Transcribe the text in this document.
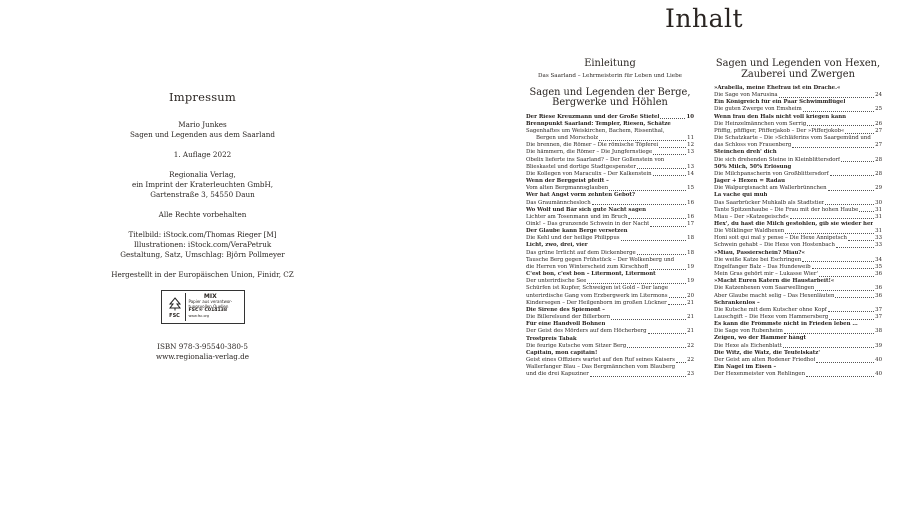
Impressum

Mario Junkes
Sagen und Legenden aus dem Saarland

1. Auflage 2022

Regionalia Verlag,
ein Imprint der Kraterleuchten GmbH,
Gartenstraße 3, 54550 Daun

Alle Rechte vorbehalten

Titelbild: iStock.com/Thomas Rieger [M]
Illustrationen: iStock.com/VeraPetruk
Gestaltung, Satz, Umschlag: Björn Pollmeyer

Hergestellt in der Europäischen Union, Finidr, CZ

FSC
MIX
Papier aus verantwor-
tungsvollen Quellen
FSC® C014138
www.fsc.org

ISBN 978-3-95540-380-5
www.regionalia-verlag.de

Inhalt
Einleitung
Das Saarland – Lehrmeisterin für Leben und Liebe
Sagen und Legenden der Berge,
Bergwerke und Höhlen
Der Riese Kreuzmann und der Große Stiefel	10
Brennpunkt Saarland: Templer, Riesen, Schätze
Sagenhaftes um Weiskirchen, Bachem, Rissenthal,
Bergen und Morscholz	11
Die brennen, die Römer – Die römische Töpferei	12
Die hämmern, die Römer – Die Jungfernstiege	13
Obelix lieferte ins Saarland? – Der Gollenstein von
Blieskastel und dortige Stadtgespenster	13
Die Kollegen von Maraculix – Der Kalkenstein	14
Wenn der Berggeist pfeift –
Vom alten Bergmannsglauben	15
Wer hat Angst vorm zehnten Gebot?
Das Graumännchesloch	16
Wo Wolf und Bär sich gute Nacht sagen
Lichter am Tosenmann und im Bruch	16
Oink! – Das grunzende Schwein in der Nacht	17
Der Glaube kann Berge versetzen
Die Kehl und der heilige Philippus	18
Licht, zwo, drei, vier
Das grüne Irrlicht auf dem Dickenberge	18
Tausche Berg gegen Frühstück – Der Wolkenberg und
die Herren von Winterscheid zum Kirschhoff	19
C'est bon, c'est bon – Litermont, Litermont
Der unterirdische See	19
Schürfen ist Kupfer, Schweigen ist Gold – Der lange
unterirdische Gang vom Erzbergwerk im Litermons	20
Kindersegen – Der Heilgenborn im großen Lückner	21
Die Sirene des Spiemont –
Die Billerelsund der Billerborn	21
Für eine Handvoll Bohnen
Der Geist des Mörders auf dem Höcherberg	21
Trostpreis Tabak
Die feurige Kutsche vom Sitzer Berg	22
Capitain, mon capitain!
Geist eines Offiziers wartet auf den Ruf seines Kaisers 22
Wallerfanger Blau – Das Bergmännchen vom Blauberg
und die drei Kapuziner	23
Sagen und Legenden von Hexen,
Zauberei und Zwergen
»Arabella, meine Ehefrau ist ein Drache.«
Die Sage von Marusina	24
Ein Königreich für ein Paar Schwimmflügel
Die guten Zwerge von Emsheim	25
Wenn frau den Hals nicht voll kriegen kann
Die Heinzelmännchen vom Serrig	26
Pfiffig, pfiffiger, Pfifferjakob – Der »Pifferjokob«	27
Die Schatzkarte – Die »Schläferins vom Saargemünd und
das Schloss von Frauenberg	27
Steinchen dreh' dich
Die sich drehenden Steine in Kleinblittersdorf	28
50% Milch, 50% Erlösung
Die Milchpanscherin von Großblittersdorf	28
Jäger + Hexen = Radau
Die Walpurgisnacht am Wallerbrünnchen	29
La vache qui muh
Das Saarbrücker Muhkalb als Stadtstier	30
Tante Spitzenhaube – Die Frau mit der hohen Haube	31
Miau – Der »Katzegeischd«	31
Hex', du hast die Milch gestohlen, gib sie wieder her
Die Völklinger Waldhexen	31
Honi soit qui mal y pense – Die Hexe Annipetsch	33
Schwein gehabt – Die Hexe von Hostenbach	33
»Miau, Passierschein? Miau?«
Die weiße Katze bei Eschringen	34
Engelfanger Balz – Das Hundeweib	35
Mein Gras gehört mir – Lukasse Wier'	36
»Macht Euren Katern die Haustarbeit!«
Die Katzenhexen vom Saarwellingen	36
Aber Glaube macht selig – Das Hexenläuten	36
Schrankenlos –
Die Kutsche mit dem Kutscher ohne Kopf	37
Lauschgift – Die Hexe vom Hammersberg	37
Es kann die Frömmste nicht in Frieden leben …
Die Sage von Rubenheim	38
Zeigen, wo der Hammer hängt
Die Hexe als Eichenblatt	39
Die Witz, die Watz, die Teufelskatz'
Der Geist am alten Rodener Friedhof	40
Ein Nagel im Eisen –
Der Hexenmeister von Rehlingen	40
